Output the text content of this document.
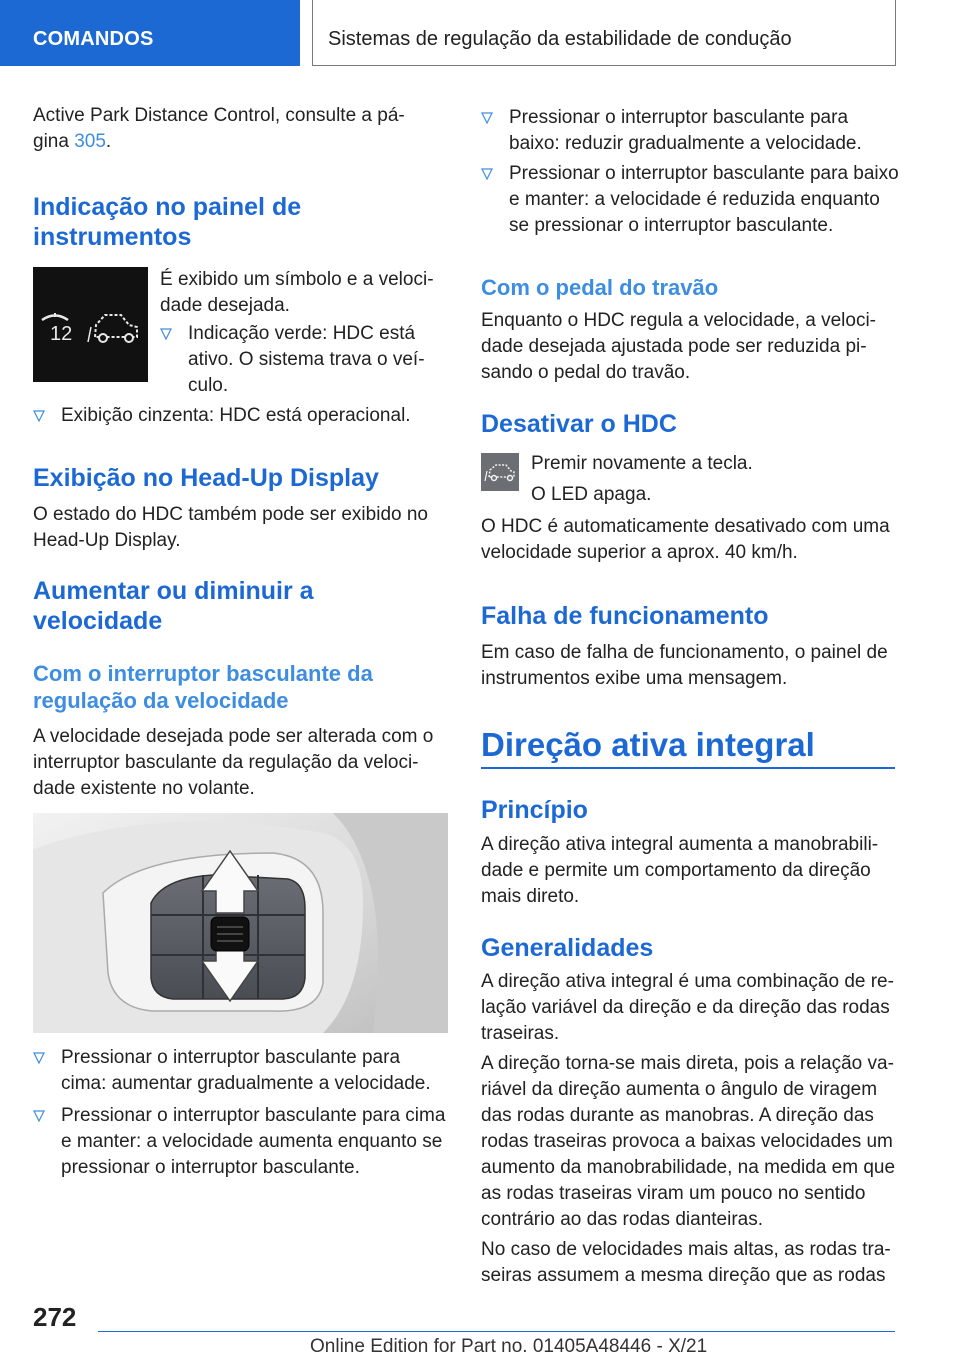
COMANDOS	Sistemas de regulação da estabilidade de condução
Active Park Distance Control, consulte a pá-
gina 305.
Indicação no painel de
instrumentos
12
É exibido um símbolo e a veloci-
dade desejada.
Indicação verde: HDC está
ativo. O sistema trava o veí-
culo.
Exibição cinzenta: HDC está operacional.
Exibição no Head-Up Display
O estado do HDC também pode ser exibido no
Head-Up Display.
Aumentar ou diminuir a
velocidade
Com o interruptor basculante da
regulação da velocidade
A velocidade desejada pode ser alterada com o
interruptor basculante da regulação da veloci-
dade existente no volante.
Pressionar o interruptor basculante para
cima: aumentar gradualmente a velocidade.
Pressionar o interruptor basculante para cima
e manter: a velocidade aumenta enquanto se
pressionar o interruptor basculante.
Pressionar o interruptor basculante para
baixo: reduzir gradualmente a velocidade.
Pressionar o interruptor basculante para baixo
e manter: a velocidade é reduzida enquanto
se pressionar o interruptor basculante.
Com o pedal do travão
Enquanto o HDC regula a velocidade, a veloci-
dade desejada ajustada pode ser reduzida pi-
sando o pedal do travão.
Desativar o HDC
Premir novamente a tecla.
O LED apaga.
O HDC é automaticamente desativado com uma
velocidade superior a aprox. 40 km/h.
Falha de funcionamento
Em caso de falha de funcionamento, o painel de
instrumentos exibe uma mensagem.
Direção ativa integral
Princípio
A direção ativa integral aumenta a manobrabili-
dade e permite um comportamento da direção
mais direto.
Generalidades
A direção ativa integral é uma combinação de re-
lação variável da direção e da direção das rodas
traseiras.
A direção torna-se mais direta, pois a relação va-
riável da direção aumenta o ângulo de viragem
das rodas durante as manobras. A direção das
rodas traseiras provoca a baixas velocidades um
aumento da manobrabilidade, na medida em que
as rodas traseiras viram um pouco no sentido
contrário ao das rodas dianteiras.
No caso de velocidades mais altas, as rodas tra-
seiras assumem a mesma direção que as rodas
272
Online Edition for Part no. 01405A48446 - X/21
